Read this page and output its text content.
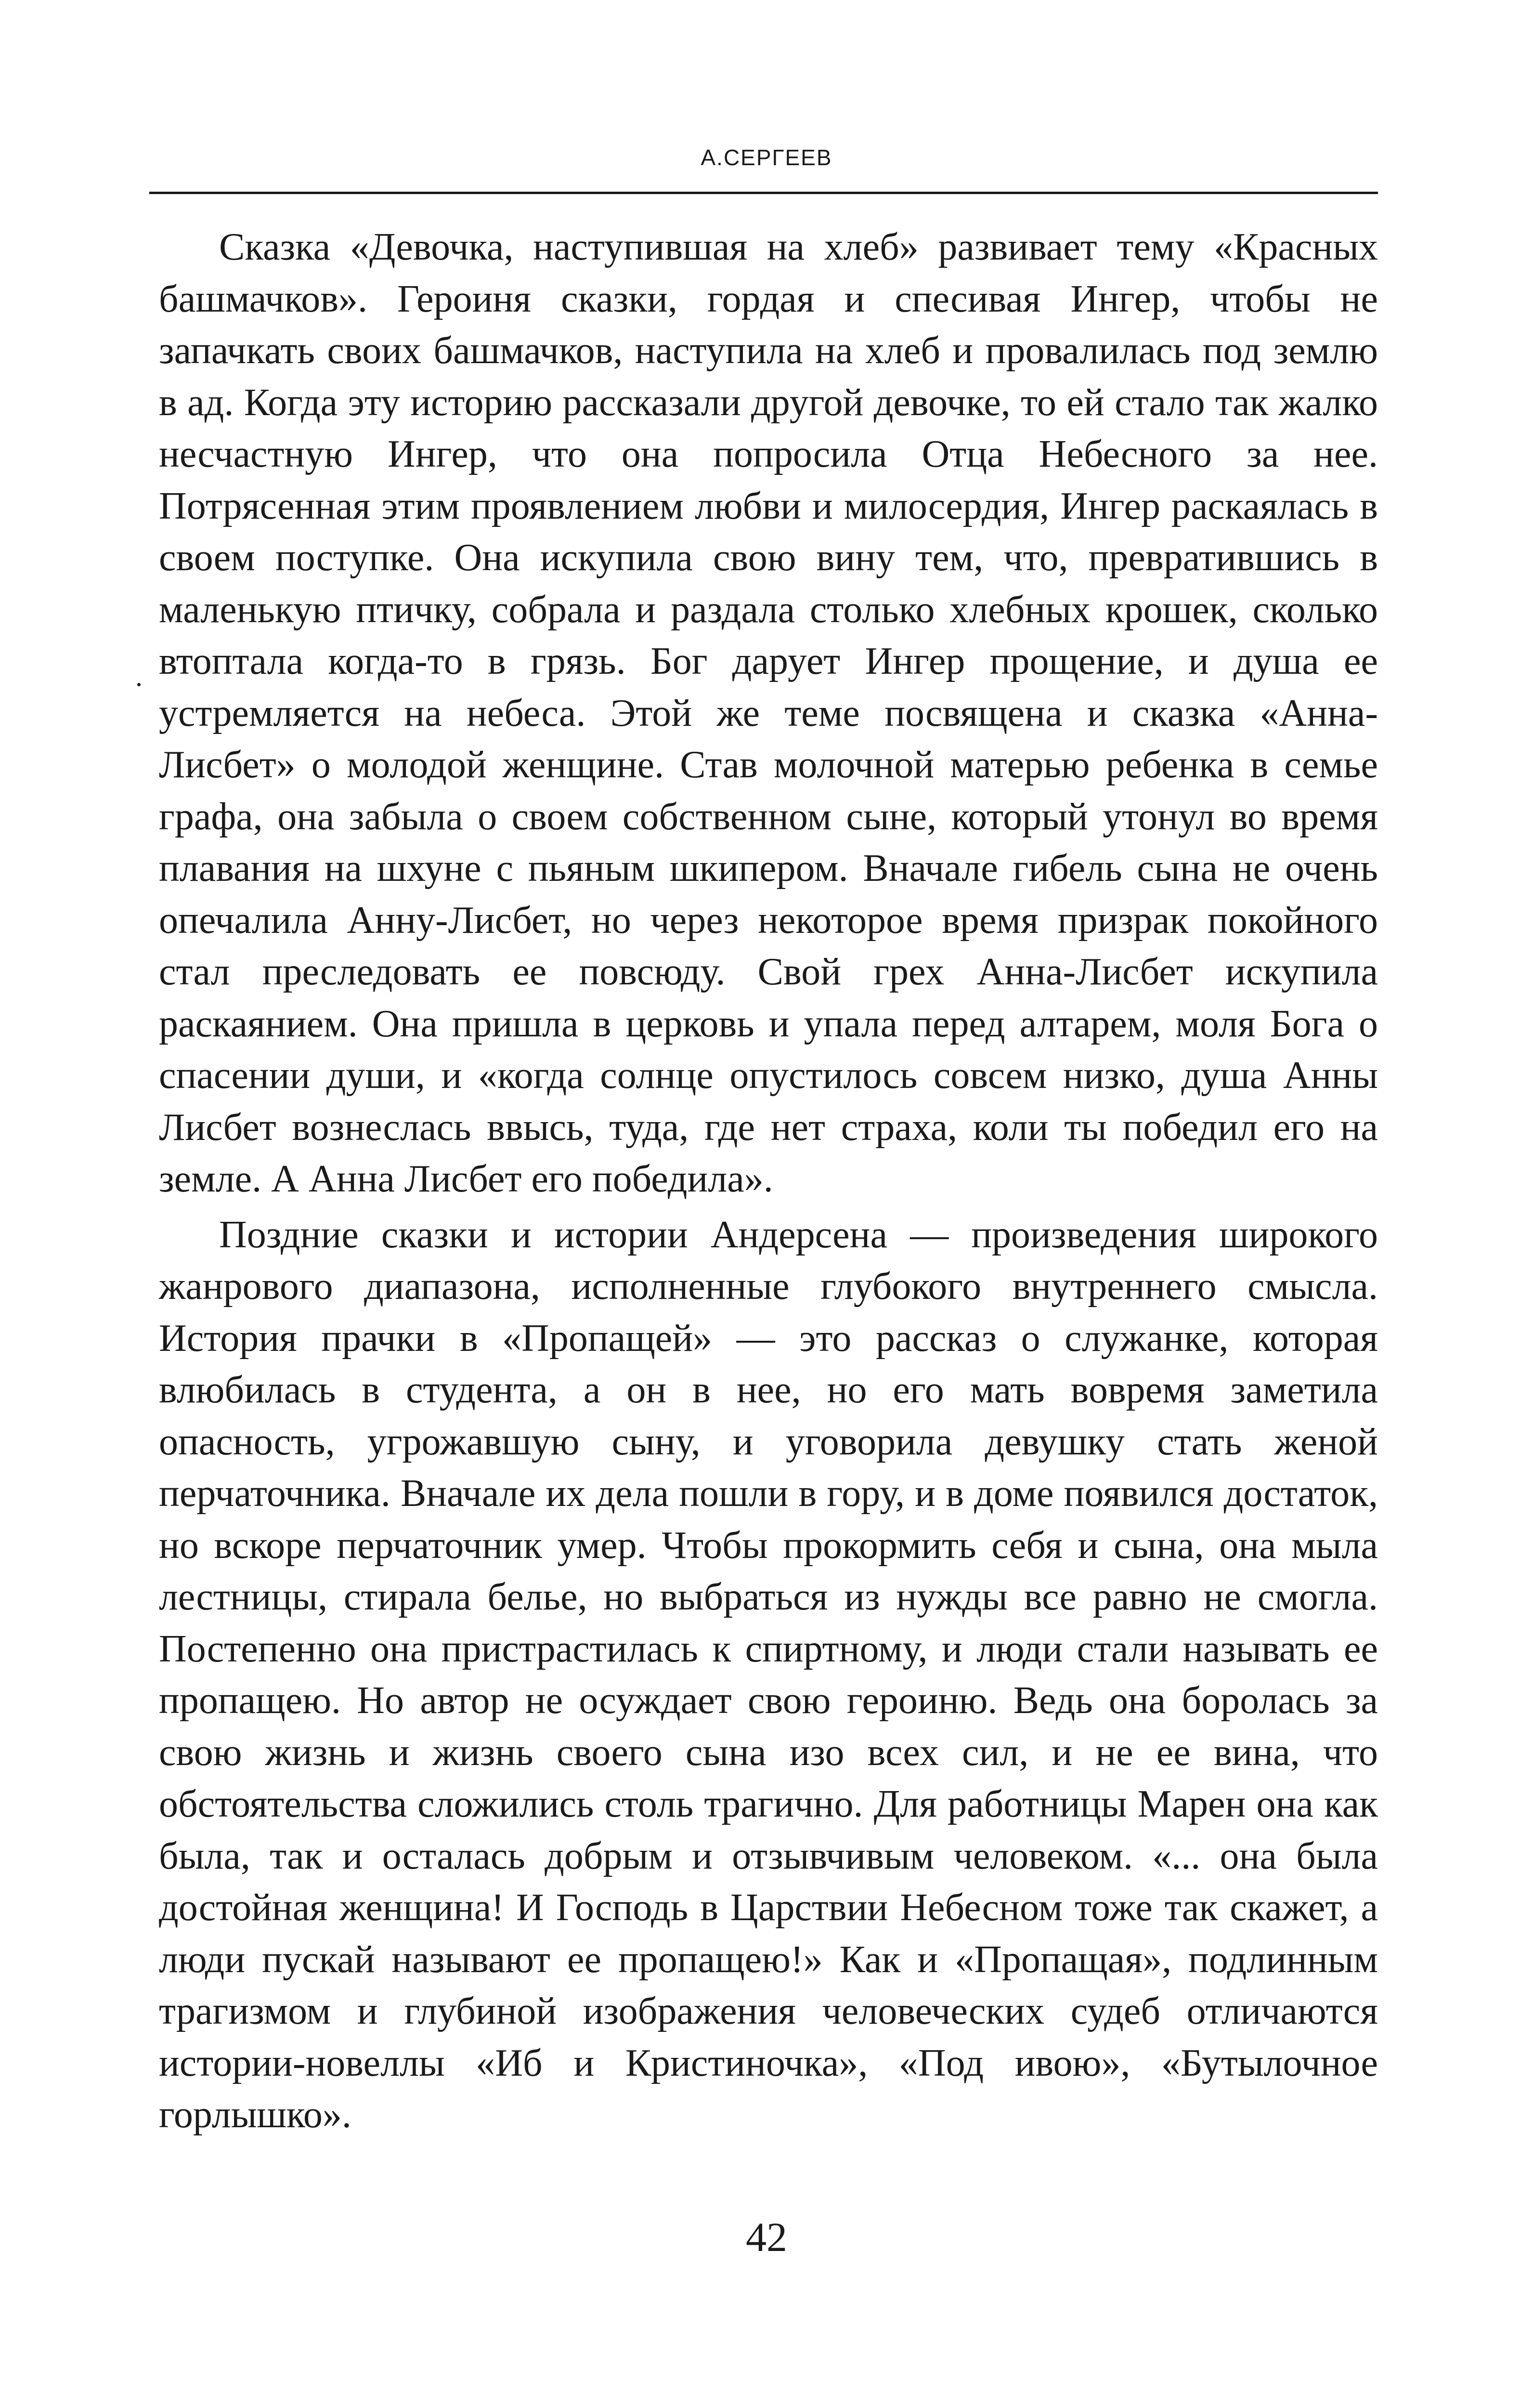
А.СЕРГЕЕВ

Сказка «Девочка, наступившая на хлеб» развивает тему «Красных башмачков». Героиня сказки, гордая и спесивая Ингер, чтобы не запачкать своих башмачков, наступила на хлеб и провалилась под землю в ад. Когда эту историю рассказали другой девочке, то ей стало так жалко несчастную Ингер, что она попросила Отца Небесного за нее. Потрясенная этим проявлением любви и милосердия, Ингер раскаялась в своем поступке. Она искупила свою вину тем, что, превратившись в маленькую птичку, собрала и раздала столько хлебных крошек, сколько втоптала когда-то в грязь. Бог дарует Ингер прощение, и душа ее устремляется на небеса. Этой же теме посвящена и сказка «Анна-Лисбет» о молодой женщине. Став молочной матерью ребенка в семье графа, она забыла о своем собственном сыне, который утонул во время плавания на шхуне с пьяным шкипером. Вначале гибель сына не очень опечалила Анну-Лисбет, но через некоторое время призрак покойного стал преследовать ее повсюду. Свой грех Анна-Лисбет искупила раскаянием. Она пришла в церковь и упала перед алтарем, моля Бога о спасении души, и «когда солнце опустилось совсем низко, душа Анны Лисбет вознеслась ввысь, туда, где нет страха, коли ты победил его на земле. А Анна Лисбет его победила».

Поздние сказки и истории Андерсена — произведения широкого жанрового диапазона, исполненные глубокого внутреннего смысла. История прачки в «Пропащей» — это рассказ о служанке, которая влюбилась в студента, а он в нее, но его мать вовремя заметила опасность, угрожавшую сыну, и уговорила девушку стать женой перчаточника. Вначале их дела пошли в гору, и в доме появился достаток, но вскоре перчаточник умер. Чтобы прокормить себя и сына, она мыла лестницы, стирала белье, но выбраться из нужды все равно не смогла. Постепенно она пристрастилась к спиртному, и люди стали называть ее пропащею. Но автор не осуждает свою героиню. Ведь она боролась за свою жизнь и жизнь своего сына изо всех сил, и не ее вина, что обстоятельства сложились столь трагично. Для работницы Марен она как была, так и осталась добрым и отзывчивым человеком. «... она была достойная женщина! И Господь в Царствии Небесном тоже так скажет, а люди пускай называют ее пропащею!» Как и «Пропащая», подлинным трагизмом и глубиной изображения человеческих судеб отличаются истории-новеллы «Иб и Кристиночка», «Под ивою», «Бутылочное горлышко».

42
